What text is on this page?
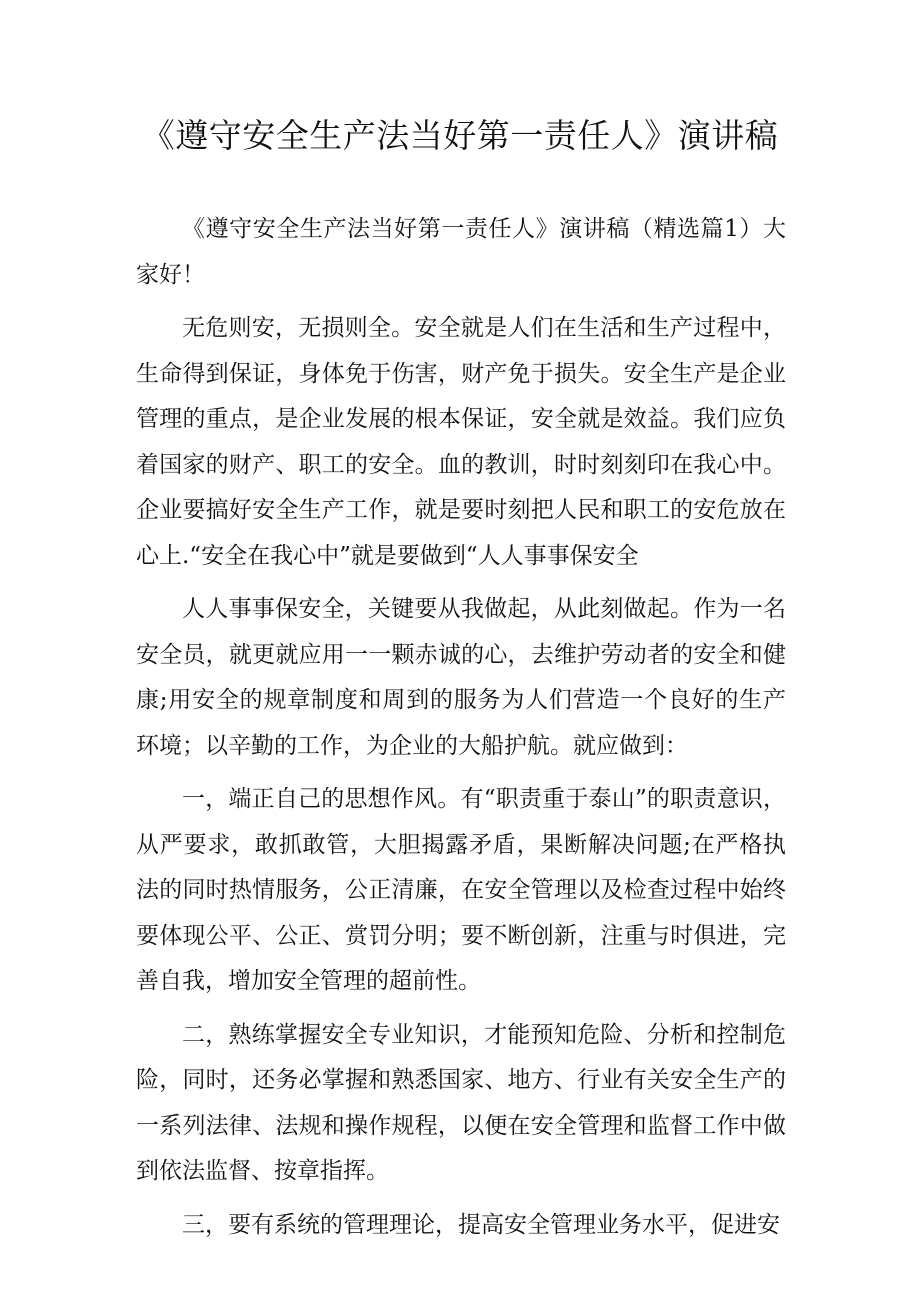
《遵守安全生产法当好第一责任人》演讲稿

《遵守安全生产法当好第一责任人》演讲稿（精选篇1）大家好！

无危则安，无损则全。安全就是人们在生活和生产过程中，生命得到保证，身体免于伤害，财产免于损失。安全生产是企业管理的重点，是企业发展的根本保证，安全就是效益。我们应负着国家的财产、职工的安全。血的教训，时时刻刻印在我心中。企业要搞好安全生产工作，就是要时刻把人民和职工的安危放在心上.“安全在我心中”就是要做到“人人事事保安全

人人事事保安全，关键要从我做起，从此刻做起。作为一名安全员，就更就应用一一颗赤诚的心，去维护劳动者的安全和健康;用安全的规章制度和周到的服务为人们营造一个良好的生产环境；以辛勤的工作，为企业的大船护航。就应做到：

一，端正自己的思想作风。有“职责重于泰山”的职责意识，从严要求，敢抓敢管，大胆揭露矛盾，果断解决问题;在严格执法的同时热情服务，公正清廉，在安全管理以及检查过程中始终要体现公平、公正、赏罚分明；要不断创新，注重与时俱进，完善自我，增加安全管理的超前性。

二，熟练掌握安全专业知识，才能预知危险、分析和控制危险，同时，还务必掌握和熟悉国家、地方、行业有关安全生产的一系列法律、法规和操作规程，以便在安全管理和监督工作中做到依法监督、按章指挥。

三，要有系统的管理理论，提高安全管理业务水平，促进安
